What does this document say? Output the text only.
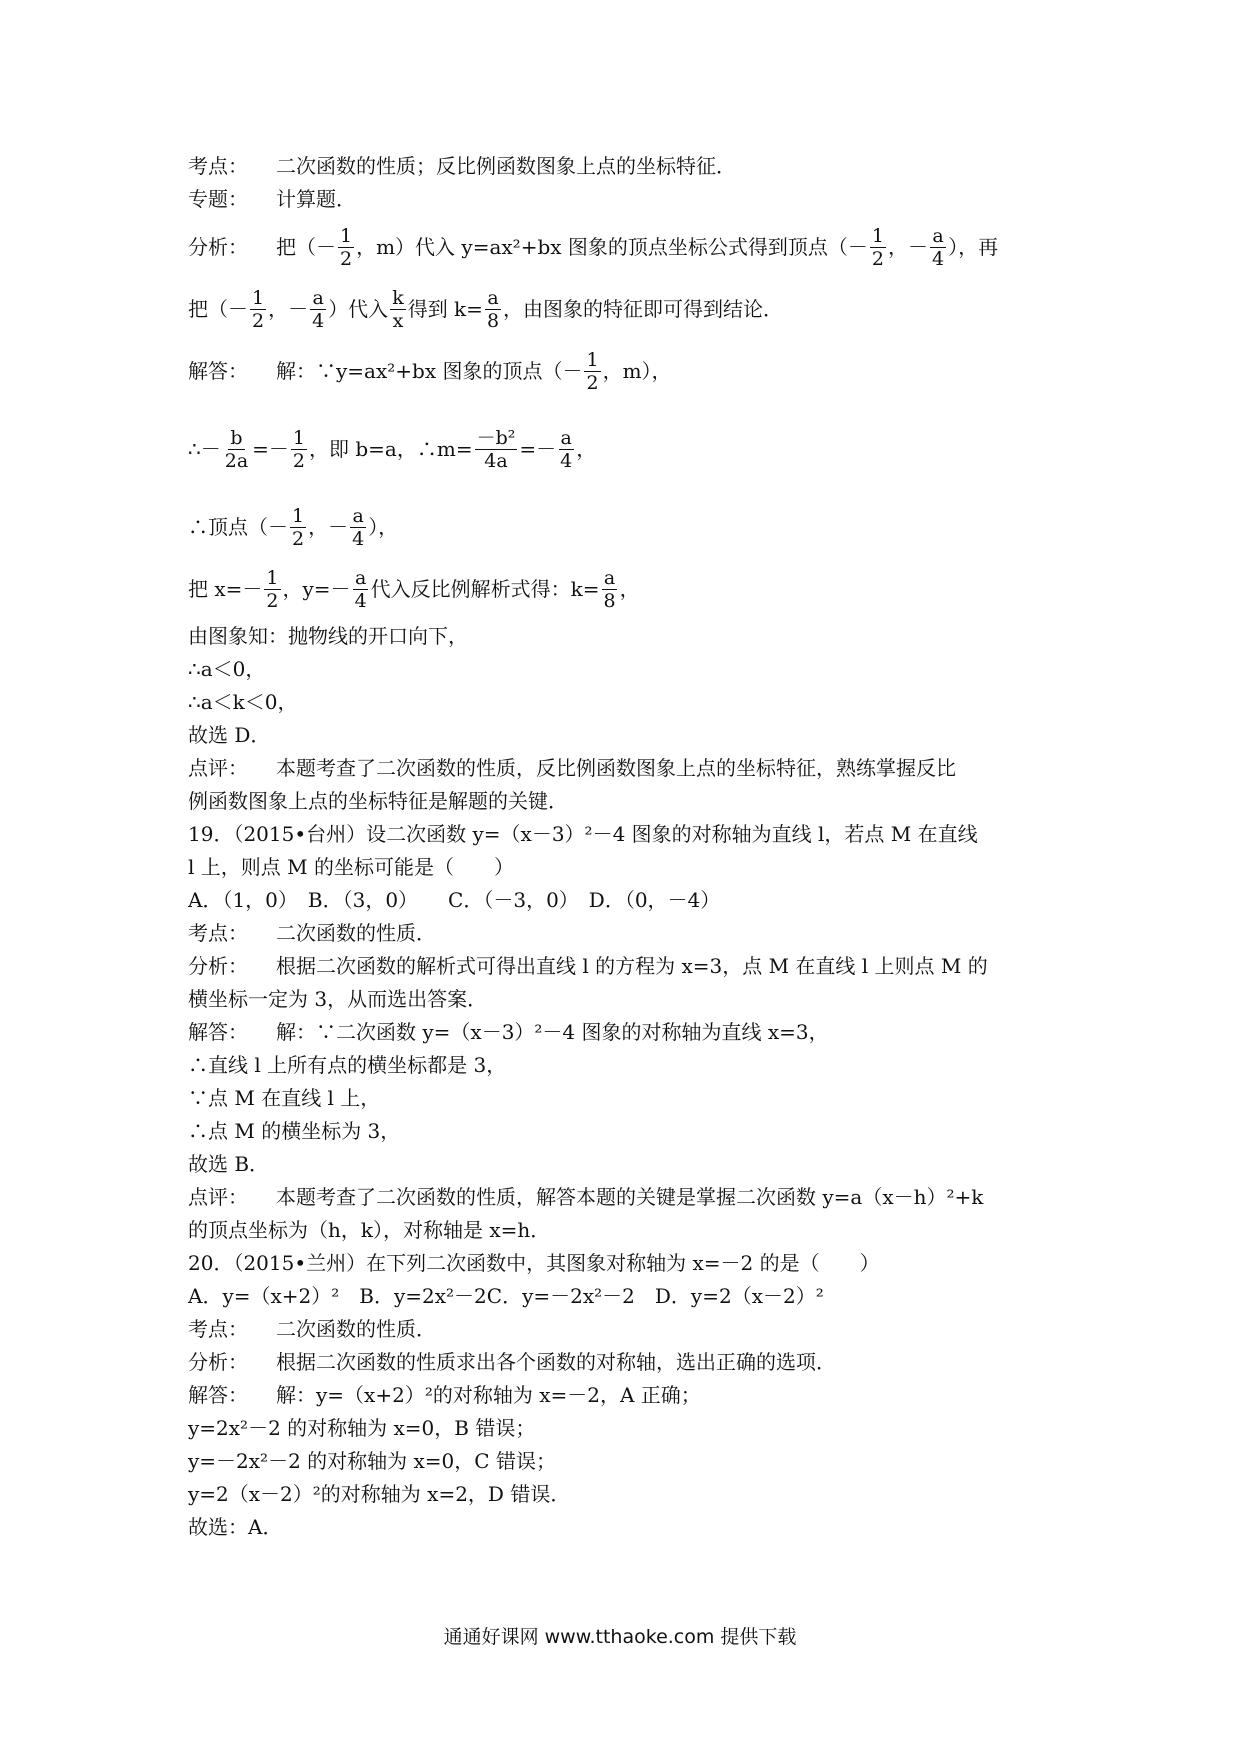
考点： 二次函数的性质；反比例函数图象上点的坐标特征．
专题： 计算题．
分析：	把（－ $\frac{1}{2}$ ，m）代入 y=ax²+bx 图象的顶点坐标公式得到顶点（－ $\frac{1}{2}$ ，－ $\frac{a}{4}$ ），再
把（－ $\frac{1}{2}$ ，－ $\frac{a}{4}$ ）代入 $\frac{k}{x}$ 得到 $k= \frac{a}{8}$ ，由图象的特征即可得到结论．
解答：	解：∵y=ax²+bx 图象的顶点（－ $\frac{1}{2}$ ，m），
∴－ $\frac{b}{2a} =- \frac{1}{2}$ ，即 b=a，∴m= $\frac{\text{－b²}}{4a} =- \frac{a}{4}$ ，
∴顶点（－ $\frac{1}{2}$ ，－ $\frac{a}{4}$ ），
把 $x=- \frac{1}{2}$ ，$y=- \frac{a}{4}$ 代入反比例解析式得：$k= \frac{a}{8}$ ，
由图象知：抛物线的开口向下，
∴a＜0，
∴a＜k＜0，
故选 D．
点评： 本题考查了二次函数的性质，反比例函数图象上点的坐标特征，熟练掌握反比
例函数图象上点的坐标特征是解题的关键．
19．（2015•台州）设二次函数 y=（x－3）²－4 图象的对称轴为直线 l，若点 M 在直线
l 上，则点 M 的坐标可能是（　　）
A．（1，0）　B．（3，0）　　C．（－3，0）　D．（0，－4）
考点： 二次函数的性质．
分析： 根据二次函数的解析式可得出直线 l 的方程为 x=3，点 M 在直线 l 上则点 M 的
横坐标一定为 3，从而选出答案．
解答： 解：∵二次函数 y=（x－3）²－4 图象的对称轴为直线 x=3，
∴直线 l 上所有点的横坐标都是 3，
∵点 M 在直线 l 上，
∴点 M 的横坐标为 3，
故选 B．
点评： 本题考查了二次函数的性质，解答本题的关键是掌握二次函数 y=a（x－h）²+k
的顶点坐标为（h，k），对称轴是 x=h．
20．（2015•兰州）在下列二次函数中，其图象对称轴为 x=－2 的是（　　）
A．y=（x+2）²　B．y=2x²－2C．y=－2x²－2　D．y=2（x－2）²
考点： 二次函数的性质．
分析： 根据二次函数的性质求出各个函数的对称轴，选出正确的选项．
解答： 解：y=（x+2）²的对称轴为 x=－2，A 正确；
y=2x²－2 的对称轴为 x=0，B 错误；
y=－2x²－2 的对称轴为 x=0，C 错误；
y=2（x－2）²的对称轴为 x=2，D 错误．
故选：A．
通通好课网 www.tthaoke.com 提供下载
